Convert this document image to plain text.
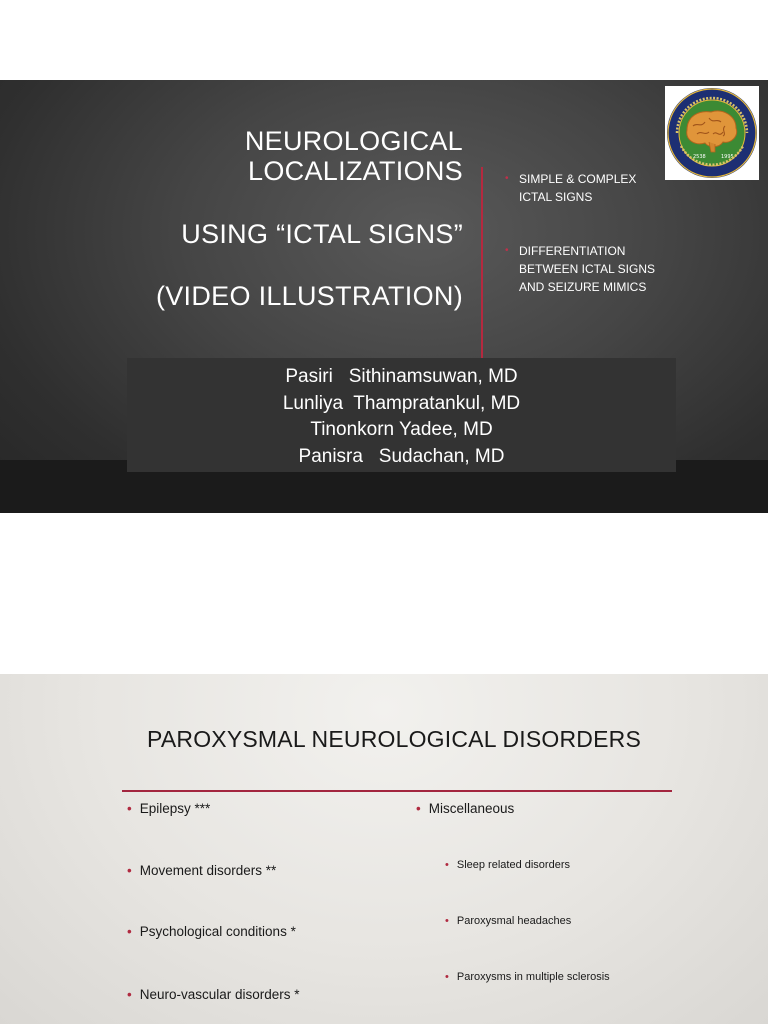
NEUROLOGICAL
LOCALIZATIONS
USING “ICTAL SIGNS”
(VIDEO ILLUSTRATION)
• SIMPLE & COMPLEX
ICTAL SIGNS
• DIFFERENTIATION
BETWEEN ICTAL SIGNS
AND SEIZURE MIMICS
Pasiri   Sithinamsuwan, MD
Lunliya  Thampratankul, MD
Tinonkorn Yadee, MD
Panisra   Sudachan, MD
2538	1995
PAROXYSMAL NEUROLOGICAL DISORDERS
• Epilepsy ***
• Movement disorders **
• Psychological conditions *
• Neuro-vascular disorders *
• Miscellaneous
• Sleep related disorders
• Paroxysmal headaches
• Paroxysms in multiple sclerosis
